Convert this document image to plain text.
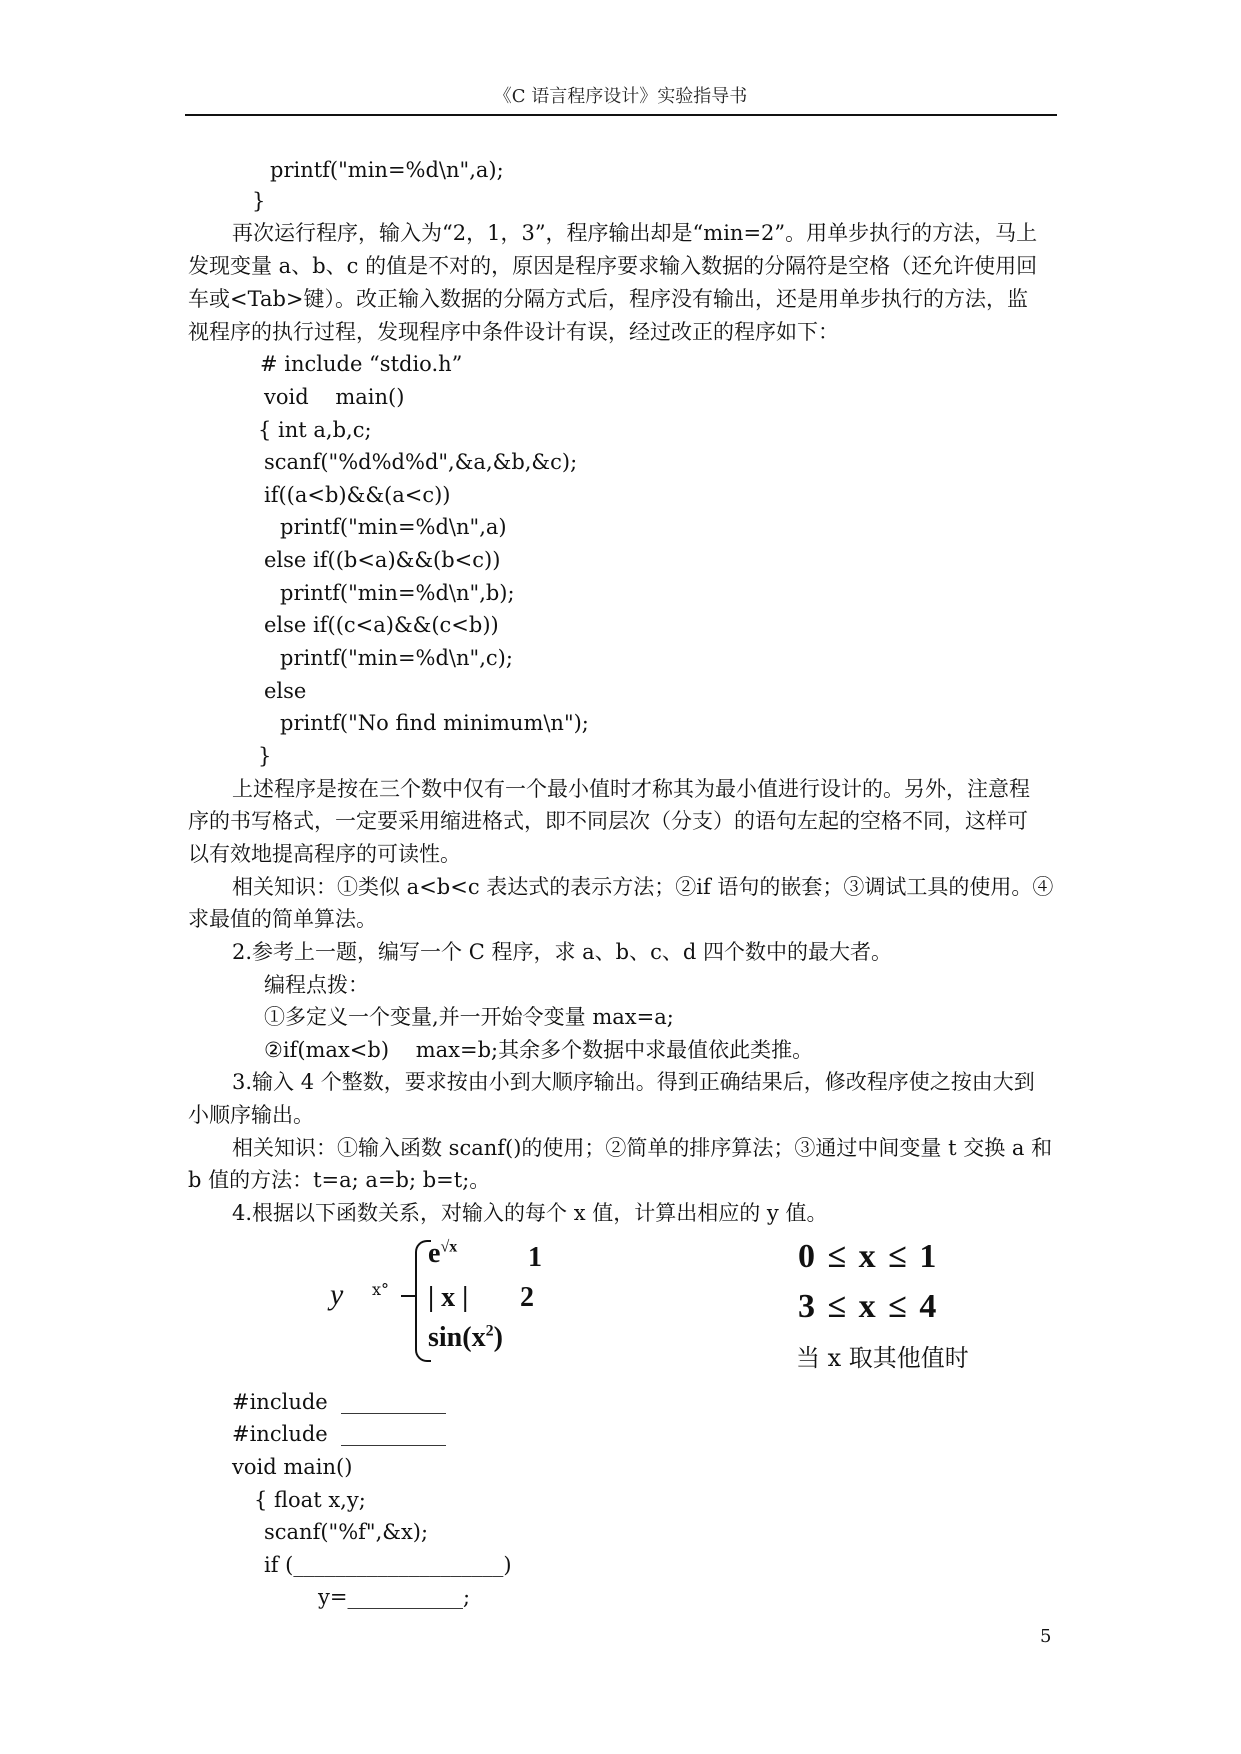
《C 语言程序设计》实验指导书
printf("min=%d\n",a);
}
再次运行程序，输入为“2，1，3”，程序输出却是“min=2”。用单步执行的方法，马上
发现变量 a、b、c 的值是不对的，原因是程序要求输入数据的分隔符是空格（还允许使用回
车或<Tab>键）。改正输入数据的分隔方式后，程序没有输出，还是用单步执行的方法，监
视程序的执行过程，发现程序中条件设计有误，经过改正的程序如下：
# include “stdio.h”
void    main()
{ int a,b,c;
scanf("%d%d%d",&a,&b,&c);
if((a<b)&&(a<c))
printf("min=%d\n",a)
else if((b<a)&&(b<c))
printf("min=%d\n",b);
else if((c<a)&&(c<b))
printf("min=%d\n",c);
else
printf("No find minimum\n");
}
上述程序是按在三个数中仅有一个最小值时才称其为最小值进行设计的。另外，注意程
序的书写格式，一定要采用缩进格式，即不同层次（分支）的语句左起的空格不同，这样可
以有效地提高程序的可读性。
相关知识：①类似 a<b<c 表达式的表示方法；②if 语句的嵌套；③调试工具的使用。④
求最值的简单算法。
2.参考上一题，编写一个 C 程序，求 a、b、c、d 四个数中的最大者。
编程点拨：
①多定义一个变量,并一开始令变量 max=a;
②if(max<b)    max=b;其余多个数据中求最值依此类推。
3.输入 4 个整数，要求按由小到大顺序输出。得到正确结果后，修改程序使之按由大到
小顺序输出。
相关知识：①输入函数 scanf()的使用；②简单的排序算法；③通过中间变量 t 交换 a 和
b 值的方法：t=a; a=b; b=t;。
4.根据以下函数关系，对输入的每个 x 值，计算出相应的 y 值。
y x°
$e^{√x}$	1
| x | 2
$\sin(x^2)$
0 ≤ x ≤ 1
3 ≤ x ≤ 4
当 x 取其他值时
#include  __________
#include  __________
void main()
{ float x,y;
scanf("%f",&x);
if (____________________)
y=___________;
5
